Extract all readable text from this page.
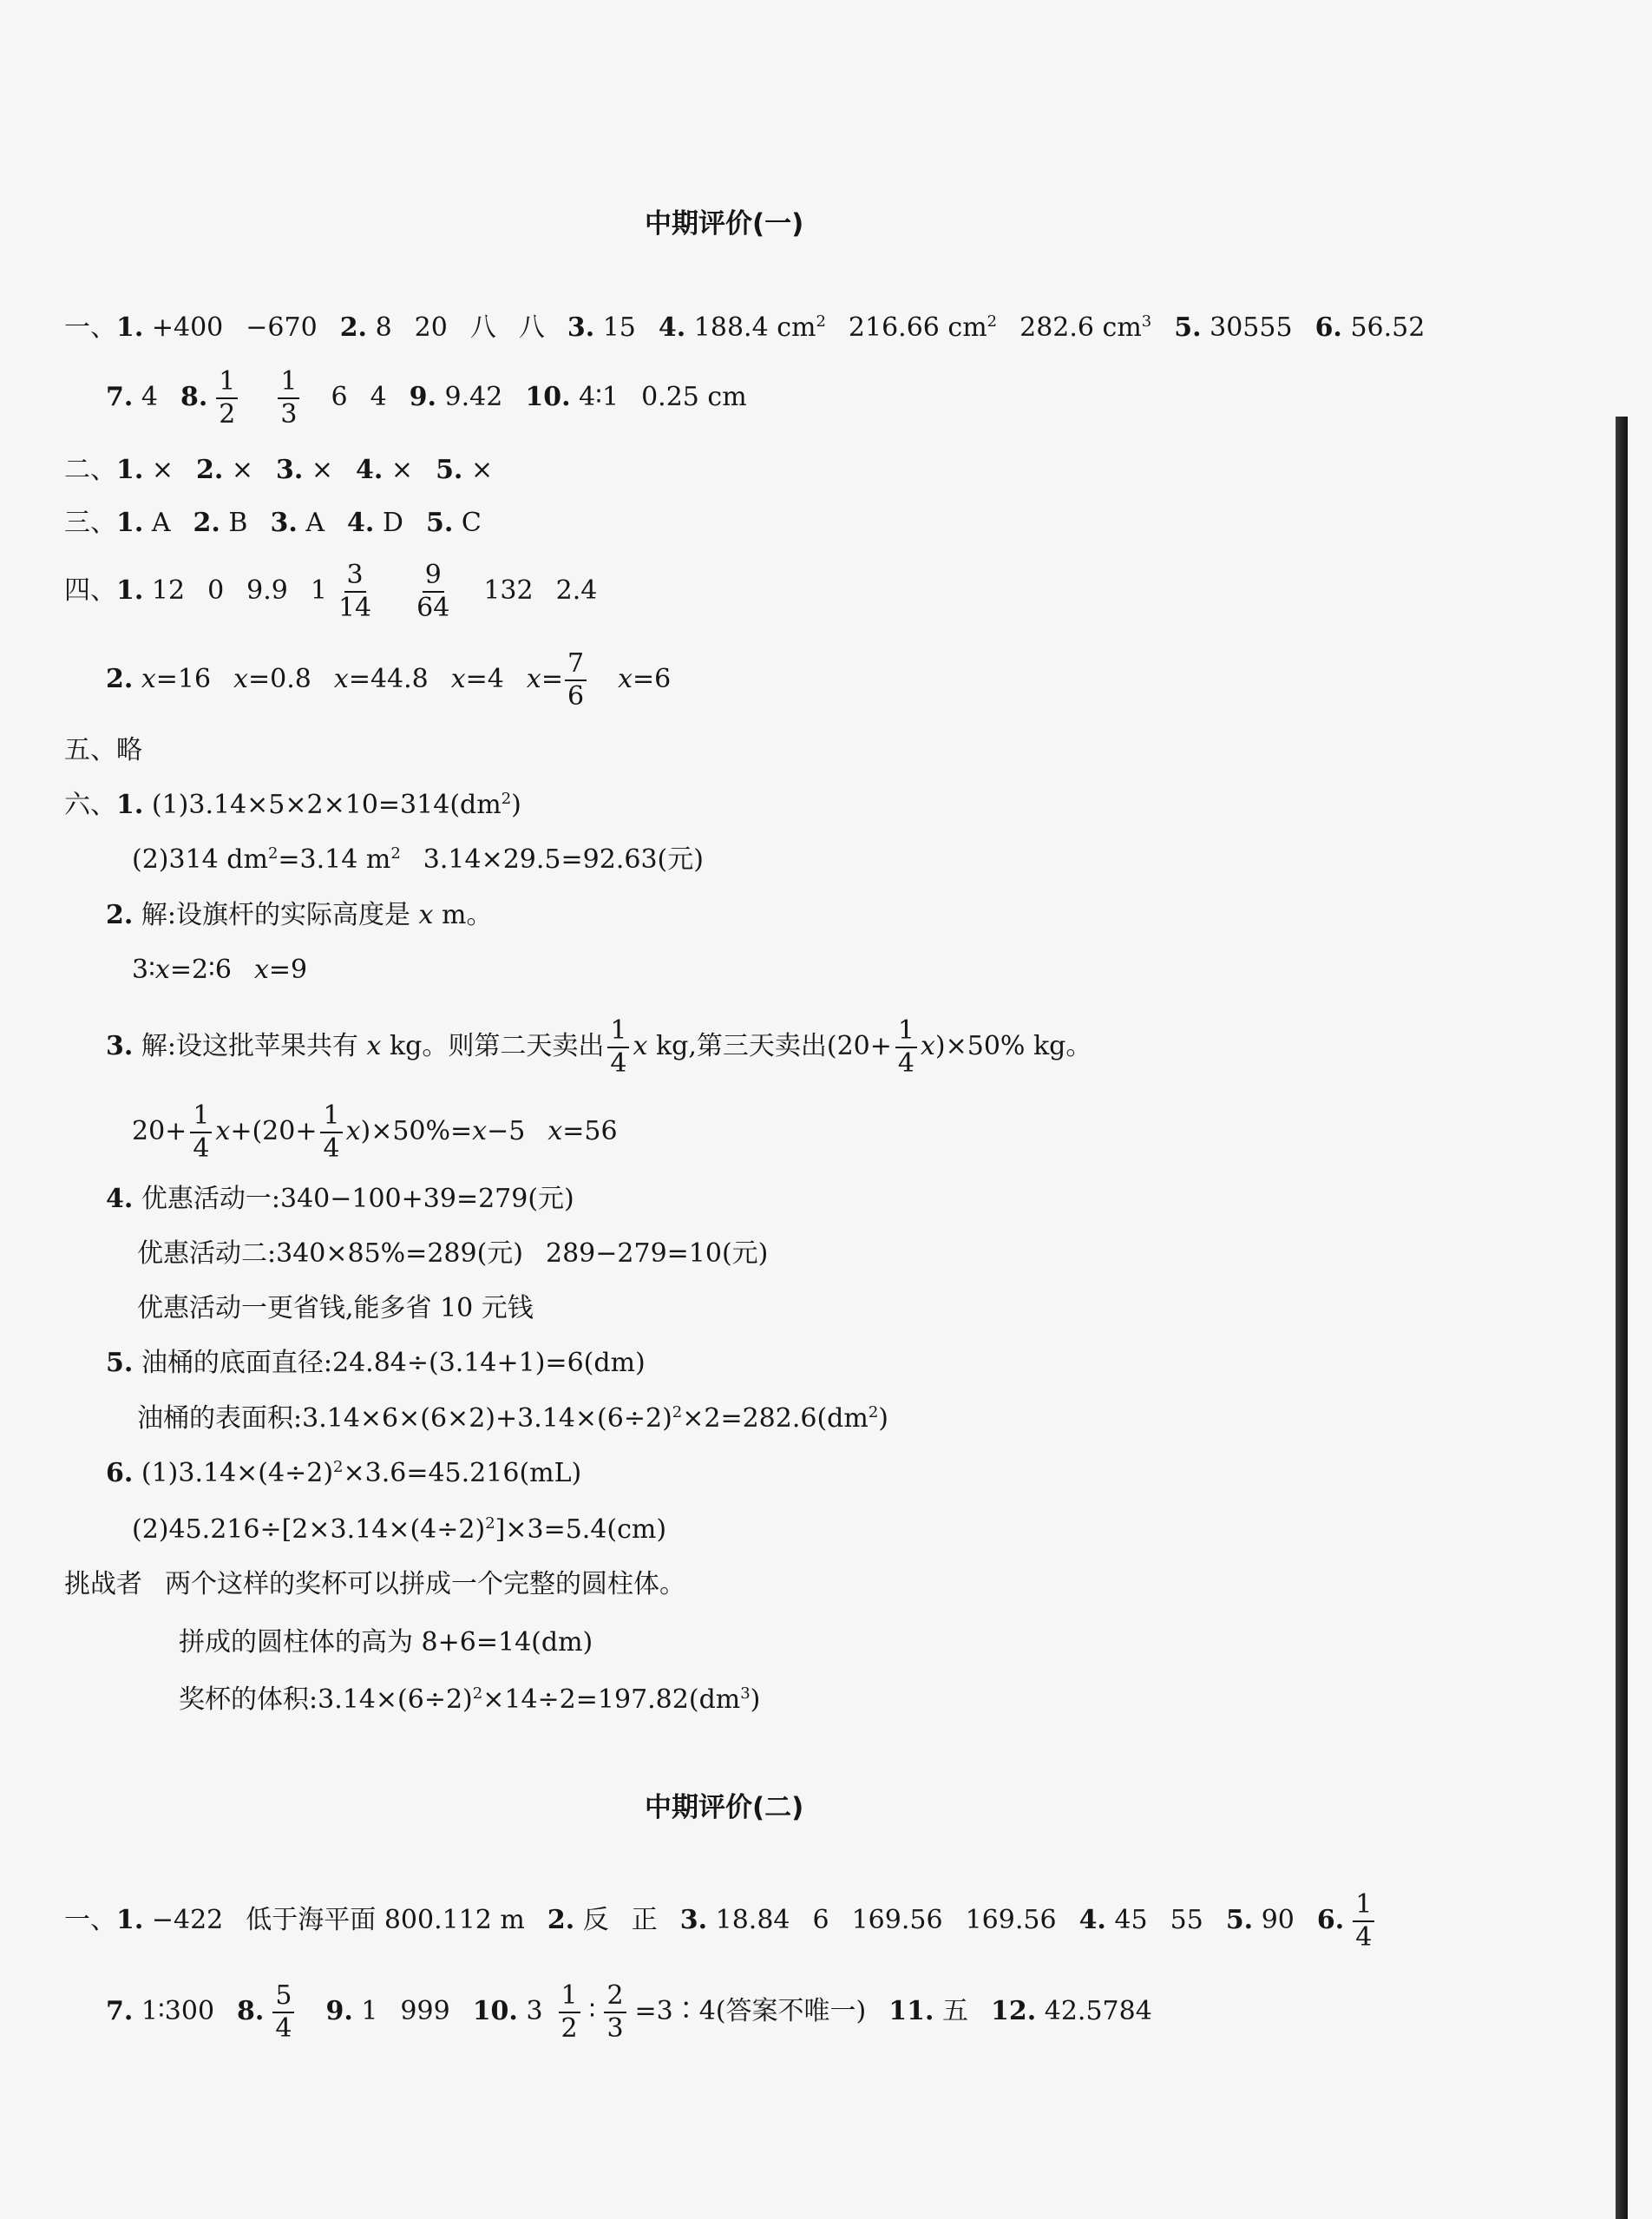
中期评价(一)
一、1. +400 −670 2. 8 20 八 八 3. 15 4. 188.4 $cm^2$ 216.66 $cm^2$ 282.6 $cm^3$ 5. 30555 6. 56.52
7. 4 8. $\frac{1}{2} \frac{1}{3} 6$ 4 9. 9.42 10. 4∶1 0.25 cm
二、1. × 2. × 3. × 4. × 5. ×
三、1. A 2. B 3. A 4. D 5. C
四、1. 12 0 9.9 $1 \frac{3}{14} \frac{9}{64} 132$ 2.4
2. x=16 x=0.8 x=44.8 x=4 $x= \frac{7}{6} x=6$
五、略
六、1. $(1)3.14\times 5\times 2\times 10=314(dm^2)$
(2)314 $dm^2=3.14$ $m^2$ 3.14×29.5=92.63(元)
2. 解:设旗杆的实际高度是 x m。
3∶x=2∶6 x=9
3. 解:设这批苹果共有 x kg。则第二天卖出 $\frac{1}{4}$ x kg,第三天卖出$(20+ \frac{1}{4} x)\times 50\%$ kg。
$20+ \frac{1}{4} x+(20+ \frac{1}{4} x)\times 50\%=x-5$ x=56
4. 优惠活动一:340−100+39=279(元)
优惠活动二:340×85%=289(元) 289−279=10(元)
优惠活动一更省钱,能多省 10 元钱
5. 油桶的底面直径:24.84÷(3.14+1)=6(dm)
油桶的表面积$:3.14\times 6\times(6\times 2)+3.14\times(6\div 2)^2\times 2=282.6(dm^2)$
6. $(1)3.14\times(4\div 2)^2\times 3.6=45.216(mL)$
$(2)45.216\div[2\times 3.14\times(4\div 2)^2]\times 3=5.4(cm)$
挑战者 两个这样的奖杯可以拼成一个完整的圆柱体。
拼成的圆柱体的高为 8+6=14(dm)
奖杯的体积$:3.14\times(6\div 2)^2\times 14\div 2=197.82(dm^3)$
中期评价(二)
一、1. −422 低于海平面 800.112 m 2. 反 正 3. 18.84 6 169.56 169.56 4. 45 55 5. 90 6. $\frac{1}{4}$
7. 1∶300 8. $\frac{5}{4} 9$. 1 999 10. $3 \frac{1}{2}$ ∶ $\frac{2}{3}$ =3∶4(答案不唯一) 11. 五 12. 42.5784
